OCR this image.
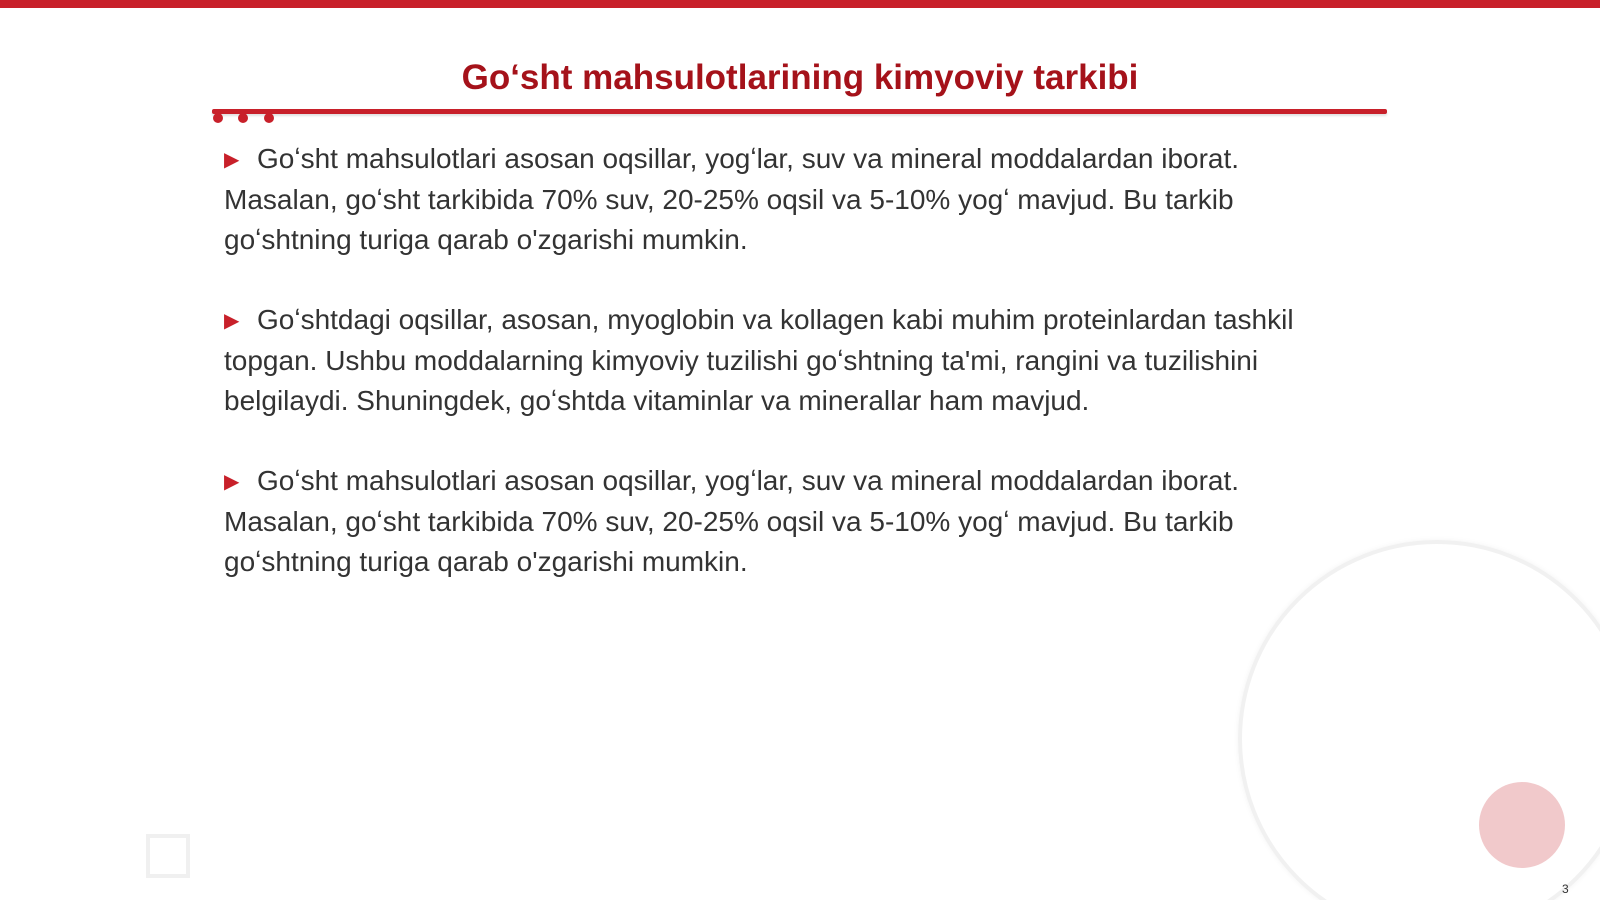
Goʻsht mahsulotlarining kimyoviy tarkibi

▶ Goʻsht mahsulotlari asosan oqsillar, yogʻlar, suv va mineral moddalardan iborat. Masalan, goʻsht tarkibida 70% suv, 20-25% oqsil va 5-10% yogʻ mavjud. Bu tarkib goʻshtning turiga qarab o'zgarishi mumkin.

▶ Goʻshtdagi oqsillar, asosan, myoglobin va kollagen kabi muhim proteinlardan tashkil topgan. Ushbu moddalarning kimyoviy tuzilishi goʻshtning ta'mi, rangini va tuzilishini belgilaydi. Shuningdek, goʻshtda vitaminlar va minerallar ham mavjud.

▶ Goʻsht mahsulotlari asosan oqsillar, yogʻlar, suv va mineral moddalardan iborat. Masalan, goʻsht tarkibida 70% suv, 20-25% oqsil va 5-10% yogʻ mavjud. Bu tarkib goʻshtning turiga qarab o'zgarishi mumkin.

3
